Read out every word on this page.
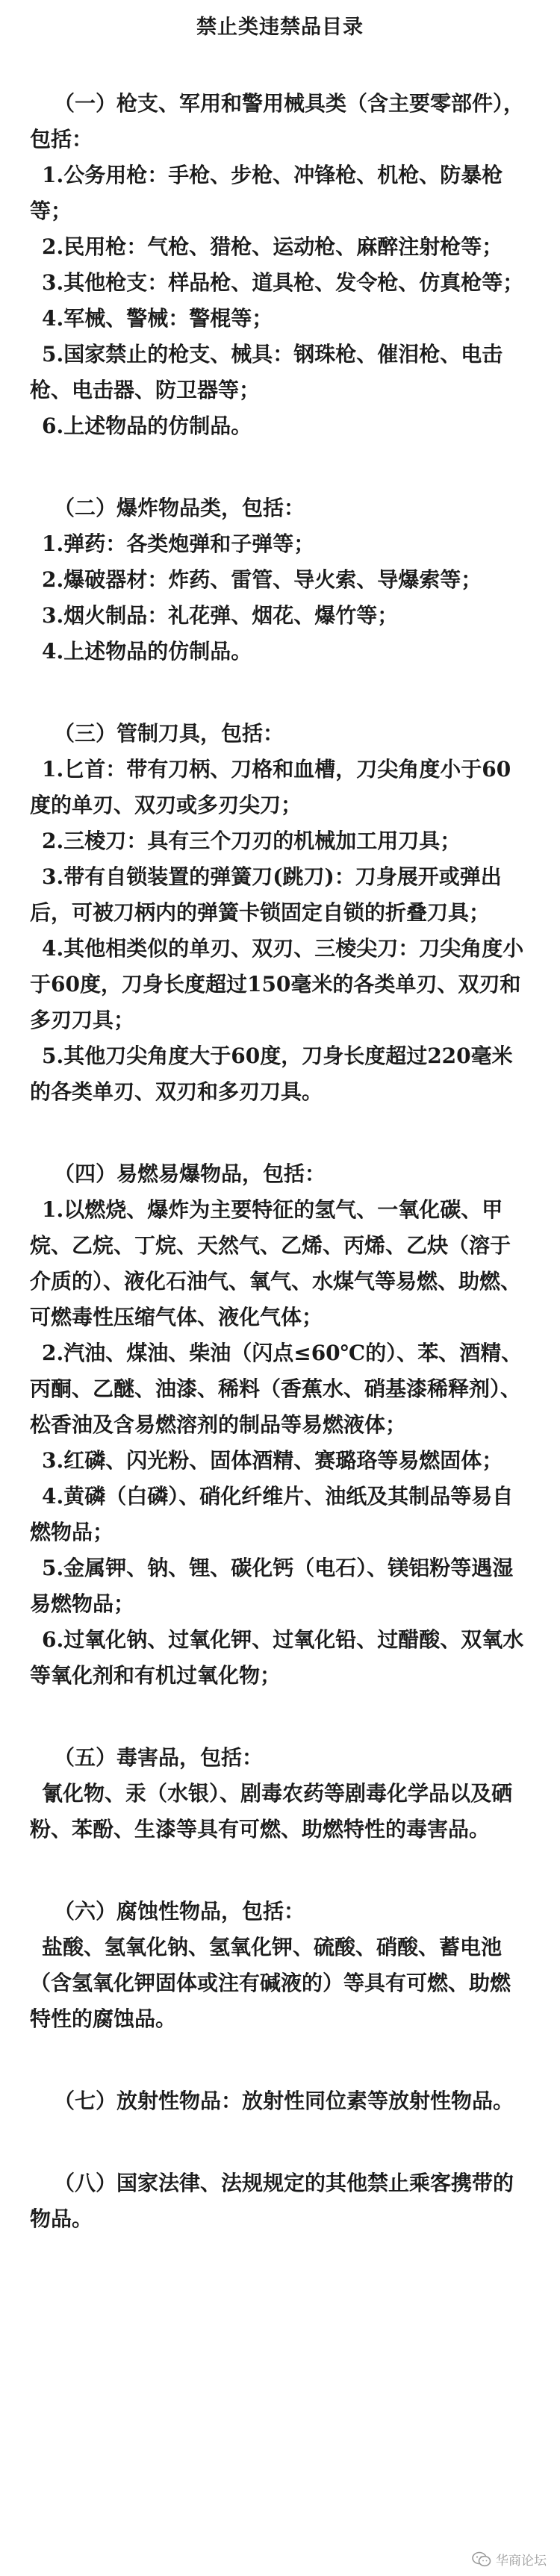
禁止类违禁品目录

（一）枪支、军用和警用械具类（含主要零部件），包括：

1.公务用枪：手枪、步枪、冲锋枪、机枪、防暴枪等；

2.民用枪：气枪、猎枪、运动枪、麻醉注射枪等；

3.其他枪支：样品枪、道具枪、发令枪、仿真枪等；

4.军械、警械：警棍等；

5.国家禁止的枪支、械具：钢珠枪、催泪枪、电击枪、电击器、防卫器等；

6.上述物品的仿制品。

（二）爆炸物品类，包括：

1.弹药：各类炮弹和子弹等；

2.爆破器材：炸药、雷管、导火索、导爆索等；

3.烟火制品：礼花弹、烟花、爆竹等；

4.上述物品的仿制品。

（三）管制刀具，包括：

1.匕首：带有刀柄、刀格和血槽，刀尖角度小于60度的单刃、双刃或多刃尖刀；

2.三棱刀：具有三个刀刃的机械加工用刀具；

3.带有自锁装置的弹簧刀(跳刀)：刀身展开或弹出后，可被刀柄内的弹簧卡锁固定自锁的折叠刀具；

4.其他相类似的单刃、双刃、三棱尖刀：刀尖角度小于60度，刀身长度超过150毫米的各类单刃、双刃和多刃刀具；

5.其他刀尖角度大于60度，刀身长度超过220毫米的各类单刃、双刃和多刃刀具。

（四）易燃易爆物品，包括：

1.以燃烧、爆炸为主要特征的氢气、一氧化碳、甲烷、乙烷、丁烷、天然气、乙烯、丙烯、乙炔（溶于介质的）、液化石油气、氧气、水煤气等易燃、助燃、可燃毒性压缩气体、液化气体；

2.汽油、煤油、柴油（闪点≤60℃的）、苯、酒精、丙酮、乙醚、油漆、稀料（香蕉水、硝基漆稀释剂）、松香油及含易燃溶剂的制品等易燃液体；

3.红磷、闪光粉、固体酒精、赛璐珞等易燃固体；

4.黄磷（白磷）、硝化纤维片、油纸及其制品等易自燃物品；

5.金属钾、钠、锂、碳化钙（电石）、镁铝粉等遇湿易燃物品；

6.过氧化钠、过氧化钾、过氧化铅、过醋酸、双氧水等氧化剂和有机过氧化物；

（五）毒害品，包括：

氰化物、汞（水银）、剧毒农药等剧毒化学品以及硒粉、苯酚、生漆等具有可燃、助燃特性的毒害品。

（六）腐蚀性物品，包括：

盐酸、氢氧化钠、氢氧化钾、硫酸、硝酸、蓄电池（含氢氧化钾固体或注有碱液的）等具有可燃、助燃特性的腐蚀品。

（七）放射性物品：放射性同位素等放射性物品。

（八）国家法律、法规规定的其他禁止乘客携带的物品。

华商论坛
